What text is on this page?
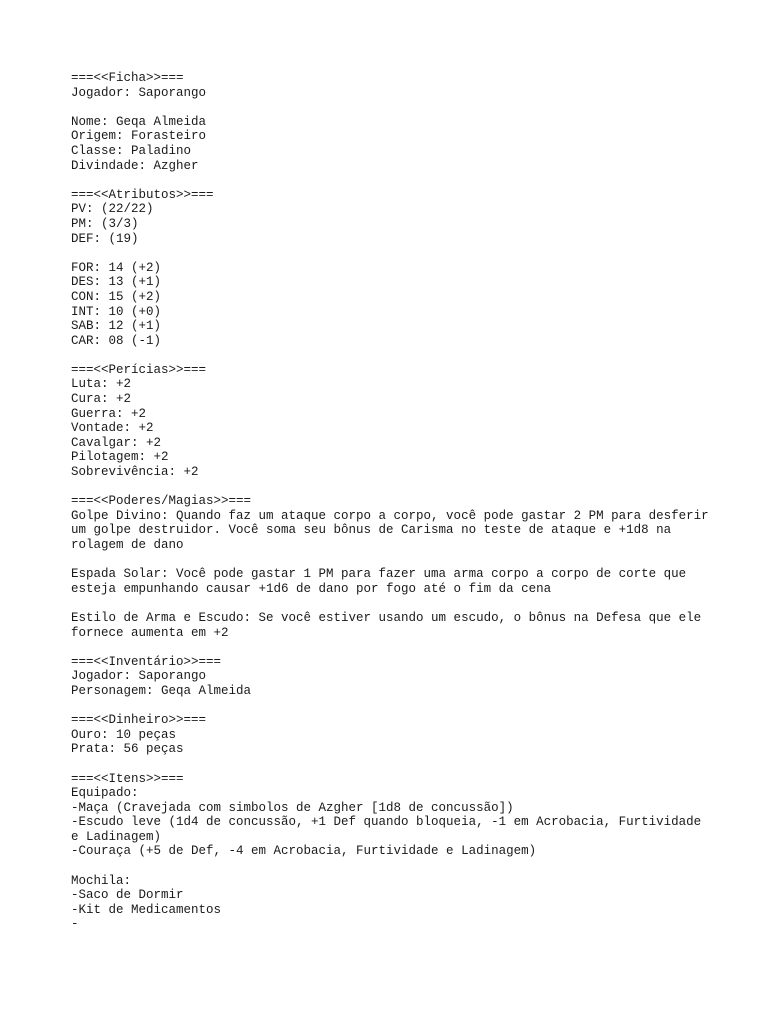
===<<Ficha>>===
Jogador: Saporango
Nome: Geqa Almeida
Origem: Forasteiro
Classe: Paladino
Divindade: Azgher
===<<Atributos>>===
PV: (22/22)
PM: (3/3)
DEF: (19)
FOR: 14 (+2)
DES: 13 (+1)
CON: 15 (+2)
INT: 10 (+0)
SAB: 12 (+1)
CAR: 08 (-1)
===<<Perícias>>===
Luta: +2
Cura: +2
Guerra: +2
Vontade: +2
Cavalgar: +2
Pilotagem: +2
Sobrevivência: +2
===<<Poderes/Magias>>===
Golpe Divino: Quando faz um ataque corpo a corpo, você pode gastar 2 PM para desferir um golpe destruidor. Você soma seu bônus de Carisma no teste de ataque e +1d8 na rolagem de dano
Espada Solar: Você pode gastar 1 PM para fazer uma arma corpo a corpo de corte que esteja empunhando causar +1d6 de dano por fogo até o fim da cena
Estilo de Arma e Escudo: Se você estiver usando um escudo, o bônus na Defesa que ele fornece aumenta em +2
===<<Inventário>>===
Jogador: Saporango
Personagem: Geqa Almeida
===<<Dinheiro>>===
Ouro: 10 peças
Prata: 56 peças
===<<Itens>>===
Equipado:
-Maça (Cravejada com simbolos de Azgher [1d8 de concussão])
-Escudo leve (1d4 de concussão, +1 Def quando bloqueia, -1 em Acrobacia, Furtividade e Ladinagem)
-Couraça (+5 de Def, -4 em Acrobacia, Furtividade e Ladinagem)
Mochila:
-Saco de Dormir
-Kit de Medicamentos
-
